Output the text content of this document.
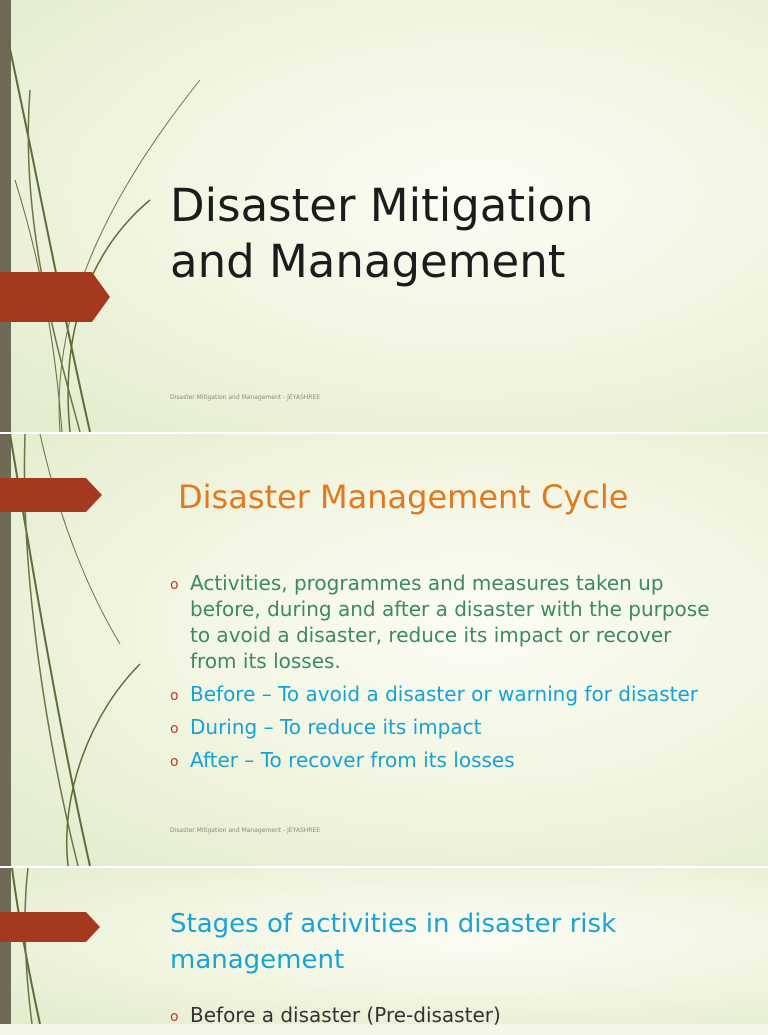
Disaster Mitigation
and Management
Disaster Mitigation and Management - JEYASHREE
Disaster Management Cycle
o Activities, programmes and measures taken up before, during and after a disaster with the purpose to avoid a disaster, reduce its impact or recover from its losses.
o Before – To avoid a disaster or warning for disaster
o During – To reduce its impact
o After – To recover from its losses
Disaster Mitigation and Management - JEYASHREE
Stages of activities in disaster risk
management
o Before a disaster (Pre-disaster)
